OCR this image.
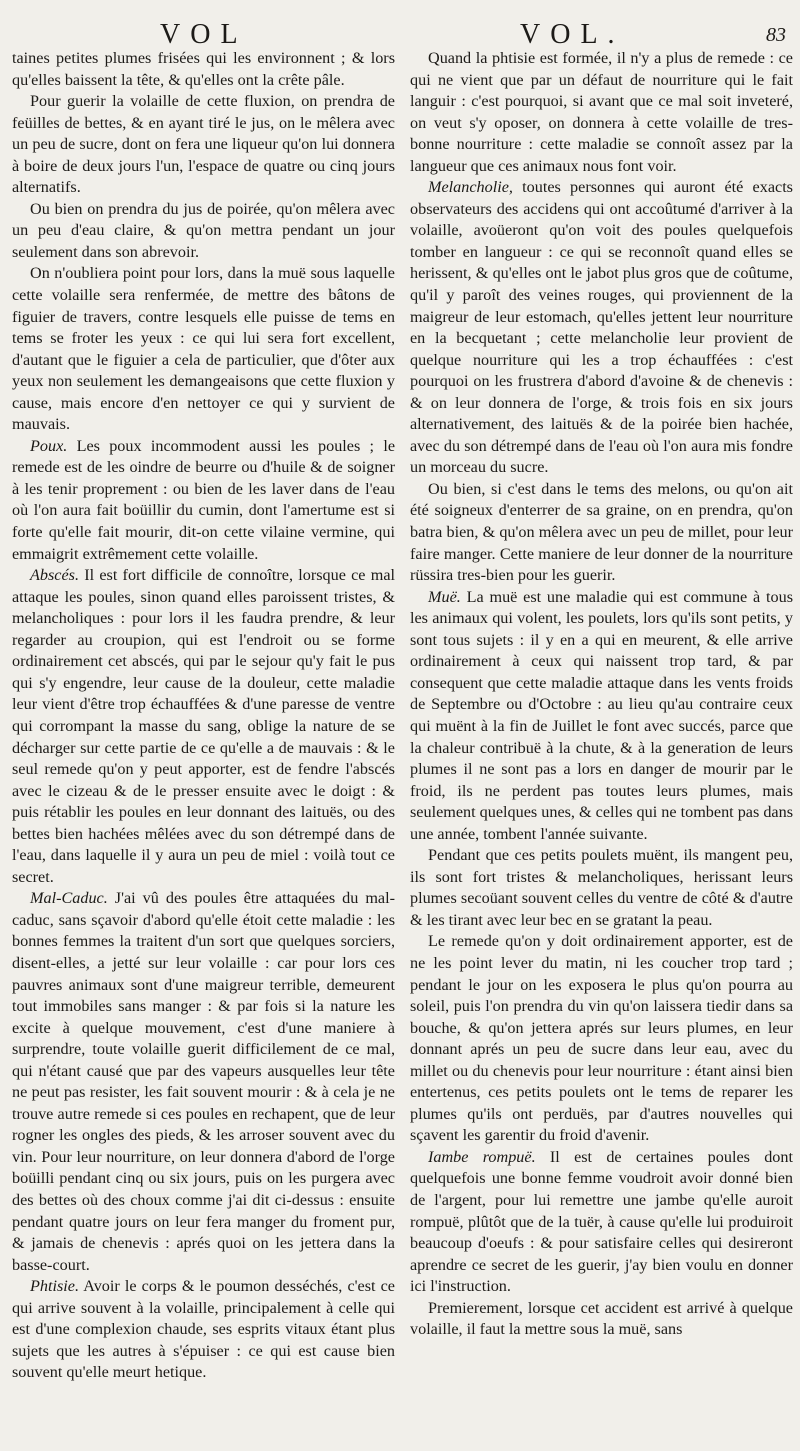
VOL	VOL.	83

taines petites plumes frisées qui les environnent ; & lors qu'elles baissent la tête, & qu'elles ont la crête pâle.

Pour guerir la volaille de cette fluxion, on prendra de feüilles de bettes, & en ayant tiré le jus, on le mêlera avec un peu de sucre, dont on fera une liqueur qu'on lui donnera à boire de deux jours l'un, l'espace de quatre ou cinq jours alternatifs.

Ou bien on prendra du jus de poirée, qu'on mêlera avec un peu d'eau claire, & qu'on mettra pendant un jour seulement dans son abrevoir.

On n'oubliera point pour lors, dans la muë sous laquelle cette volaille sera renfermée, de mettre des bâtons de figuier de travers, contre lesquels elle puisse de tems en tems se froter les yeux : ce qui lui sera fort excellent, d'autant que le figuier a cela de particulier, que d'ôter aux yeux non seulement les demangeaisons que cette fluxion y cause, mais encore d'en nettoyer ce qui y survient de mauvais.

Poux. Les poux incommodent aussi les poules ; le remede est de les oindre de beurre ou d'huile & de soigner à les tenir proprement : ou bien de les laver dans de l'eau où l'on aura fait boüillir du cumin, dont l'amertume est si forte qu'elle fait mourir, dit-on cette vilaine vermine, qui emmaigrit extrêmement cette volaille.

Abscés. Il est fort difficile de connoître, lorsque ce mal attaque les poules, sinon quand elles paroissent tristes, & melancholiques : pour lors il les faudra prendre, & leur regarder au croupion, qui est l'endroit ou se forme ordinairement cet abscés, qui par le sejour qu'y fait le pus qui s'y engendre, leur cause de la douleur, cette maladie leur vient d'être trop échauffées & d'une paresse de ventre qui corrompant la masse du sang, oblige la nature de se décharger sur cette partie de ce qu'elle a de mauvais : & le seul remede qu'on y peut apporter, est de fendre l'abscés avec le cizeau & de le presser ensuite avec le doigt : & puis rétablir les poules en leur donnant des laituës, ou des bettes bien hachées mêlées avec du son détrempé dans de l'eau, dans laquelle il y aura un peu de miel : voilà tout ce secret.

Mal-Caduc. J'ai vû des poules être attaquées du mal-caduc, sans sçavoir d'abord qu'elle étoit cette maladie : les bonnes femmes la traitent d'un sort que quelques sorciers, disent-elles, a jetté sur leur volaille : car pour lors ces pauvres animaux sont d'une maigreur terrible, demeurent tout immobiles sans manger : & par fois si la nature les excite à quelque mouvement, c'est d'une maniere à surprendre, toute volaille guerit difficilement de ce mal, qui n'étant causé que par des vapeurs ausquelles leur tête ne peut pas resister, les fait souvent mourir : & à cela je ne trouve autre remede si ces poules en rechapent, que de leur rogner les ongles des pieds, & les arroser souvent avec du vin. Pour leur nourriture, on leur donnera d'abord de l'orge boüilli pendant cinq ou six jours, puis on les purgera avec des bettes où des choux comme j'ai dit ci-dessus : ensuite pendant quatre jours on leur fera manger du froment pur, & jamais de chenevis : aprés quoi on les jettera dans la basse-court.

Phtisie. Avoir le corps & le poumon desséchés, c'est ce qui arrive souvent à la volaille, principalement à celle qui est d'une complexion chaude, ses esprits vitaux étant plus sujets que les autres à s'épuiser : ce qui est cause bien souvent qu'elle meurt hetique.

Quand la phtisie est formée, il n'y a plus de remede : ce qui ne vient que par un défaut de nourriture qui le fait languir : c'est pourquoi, si avant que ce mal soit inveteré, on veut s'y oposer, on donnera à cette volaille de tres-bonne nourriture : cette maladie se connoît assez par la langueur que ces animaux nous font voir.

Melancholie, toutes personnes qui auront été exacts observateurs des accidens qui ont accoûtumé d'arriver à la volaille, avoüeront qu'on voit des poules quelquefois tomber en langueur : ce qui se reconnoît quand elles se herissent, & qu'elles ont le jabot plus gros que de coûtume, qu'il y paroît des veines rouges, qui proviennent de la maigreur de leur estomach, qu'elles jettent leur nourriture en la becquetant ; cette melancholie leur provient de quelque nourriture qui les a trop échauffées : c'est pourquoi on les frustrera d'abord d'avoine & de chenevis : & on leur donnera de l'orge, & trois fois en six jours alternativement, des laituës & de la poirée bien hachée, avec du son détrempé dans de l'eau où l'on aura mis fondre un morceau du sucre.

Ou bien, si c'est dans le tems des melons, ou qu'on ait été soigneux d'enterrer de sa graine, on en prendra, qu'on batra bien, & qu'on mêlera avec un peu de millet, pour leur faire manger. Cette maniere de leur donner de la nourriture rüssira tres-bien pour les guerir.

Muë. La muë est une maladie qui est commune à tous les animaux qui volent, les poulets, lors qu'ils sont petits, y sont tous sujets : il y en a qui en meurent, & elle arrive ordinairement à ceux qui naissent trop tard, & par consequent que cette maladie attaque dans les vents froids de Septembre ou d'Octobre : au lieu qu'au contraire ceux qui muënt à la fin de Juillet le font avec succés, parce que la chaleur contribuë à la chute, & à la generation de leurs plumes il ne sont pas a lors en danger de mourir par le froid, ils ne perdent pas toutes leurs plumes, mais seulement quelques unes, & celles qui ne tombent pas dans une année, tombent l'année suivante.

Pendant que ces petits poulets muënt, ils mangent peu, ils sont fort tristes & melancholiques, herissant leurs plumes secoüant souvent celles du ventre de côté & d'autre & les tirant avec leur bec en se gratant la peau.

Le remede qu'on y doit ordinairement apporter, est de ne les point lever du matin, ni les coucher trop tard ; pendant le jour on les exposera le plus qu'on pourra au soleil, puis l'on prendra du vin qu'on laissera tiedir dans sa bouche, & qu'on jettera aprés sur leurs plumes, en leur donnant aprés un peu de sucre dans leur eau, avec du millet ou du chenevis pour leur nourriture : étant ainsi bien entertenus, ces petits poulets ont le tems de reparer les plumes qu'ils ont perduës, par d'autres nouvelles qui sçavent les garentir du froid d'avenir.

Iambe rompuë. Il est de certaines poules dont quelquefois une bonne femme voudroit avoir donné bien de l'argent, pour lui remettre une jambe qu'elle auroit rompuë, plûtôt que de la tuër, à cause qu'elle lui produiroit beaucoup d'oeufs : & pour satisfaire celles qui desireront aprendre ce secret de les guerir, j'ay bien voulu en donner ici l'instruction.

Premierement, lorsque cet accident est arrivé à quelque volaille, il faut la mettre sous la muë, sans
